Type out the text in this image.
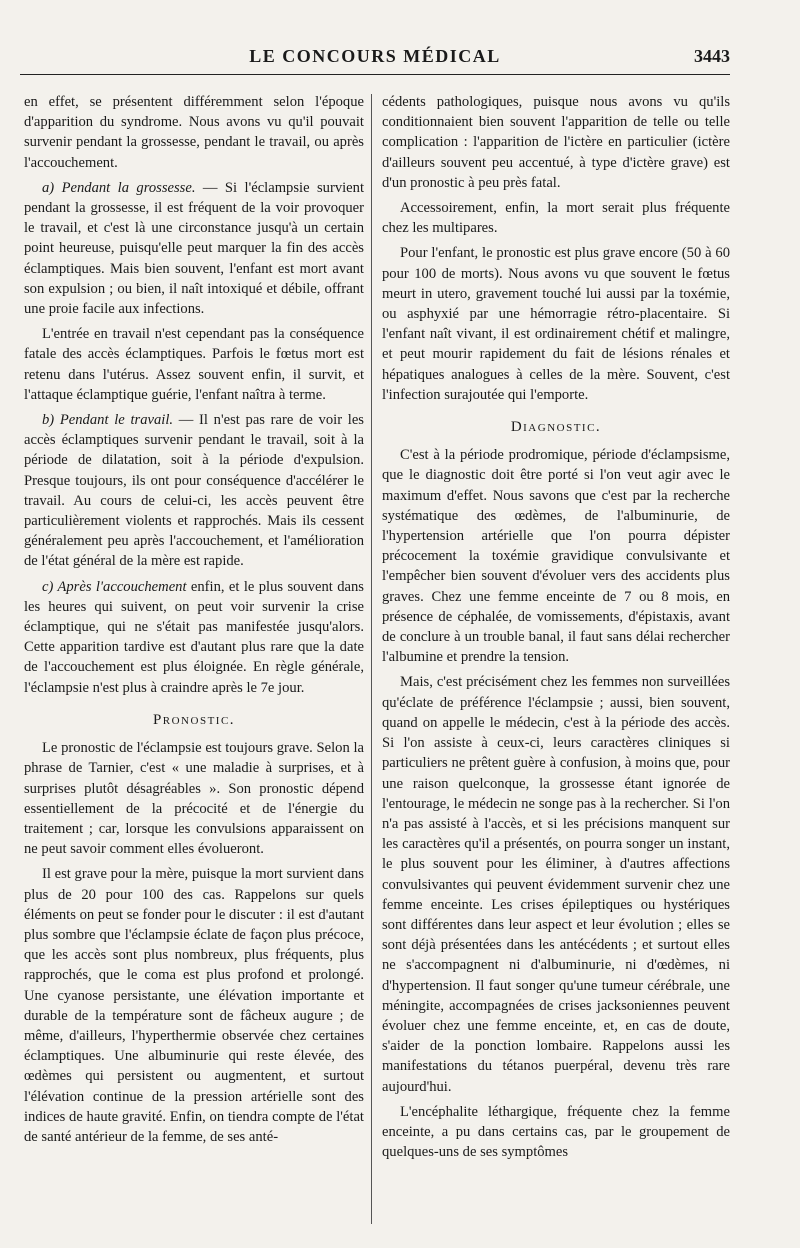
LE CONCOURS MÉDICAL	3443

en effet, se présentent différemment selon l'époque d'apparition du syndrome. Nous avons vu qu'il pouvait survenir pendant la grossesse, pendant le travail, ou après l'accouchement.

a) Pendant la grossesse. — Si l'éclampsie survient pendant la grossesse, il est fréquent de la voir provoquer le travail, et c'est là une circonstance jusqu'à un certain point heureuse, puisqu'elle peut marquer la fin des accès éclamptiques. Mais bien souvent, l'enfant est mort avant son expulsion ; ou bien, il naît intoxiqué et débile, offrant une proie facile aux infections.

L'entrée en travail n'est cependant pas la conséquence fatale des accès éclamptiques. Parfois le fœtus mort est retenu dans l'utérus. Assez souvent enfin, il survit, et l'attaque éclamptique guérie, l'enfant naîtra à terme.

b) Pendant le travail. — Il n'est pas rare de voir les accès éclamptiques survenir pendant le travail, soit à la période de dilatation, soit à la période d'expulsion. Presque toujours, ils ont pour conséquence d'accélérer le travail. Au cours de celui-ci, les accès peuvent être particulièrement violents et rapprochés. Mais ils cessent généralement peu après l'accouchement, et l'amélioration de l'état général de la mère est rapide.

c) Après l'accouchement enfin, et le plus souvent dans les heures qui suivent, on peut voir survenir la crise éclamptique, qui ne s'était pas manifestée jusqu'alors. Cette apparition tardive est d'autant plus rare que la date de l'accouchement est plus éloignée. En règle générale, l'éclampsie n'est plus à craindre après le 7e jour.

Pronostic.

Le pronostic de l'éclampsie est toujours grave. Selon la phrase de Tarnier, c'est « une maladie à surprises, et à surprises plutôt désagréables ». Son pronostic dépend essentiellement de la précocité et de l'énergie du traitement ; car, lorsque les convulsions apparaissent on ne peut savoir comment elles évolueront.

Il est grave pour la mère, puisque la mort survient dans plus de 20 pour 100 des cas. Rappelons sur quels éléments on peut se fonder pour le discuter : il est d'autant plus sombre que l'éclampsie éclate de façon plus précoce, que les accès sont plus nombreux, plus fréquents, plus rapprochés, que le coma est plus profond et prolongé. Une cyanose persistante, une élévation importante et durable de la température sont de fâcheux augure ; de même, d'ailleurs, l'hyperthermie observée chez certaines éclamptiques. Une albuminurie qui reste élevée, des œdèmes qui persistent ou augmentent, et surtout l'élévation continue de la pression artérielle sont des indices de haute gravité. Enfin, on tiendra compte de l'état de santé antérieur de la femme, de ses anté-

cédents pathologiques, puisque nous avons vu qu'ils conditionnaient bien souvent l'apparition de telle ou telle complication : l'apparition de l'ictère en particulier (ictère d'ailleurs souvent peu accentué, à type d'ictère grave) est d'un pronostic à peu près fatal.

Accessoirement, enfin, la mort serait plus fréquente chez les multipares.

Pour l'enfant, le pronostic est plus grave encore (50 à 60 pour 100 de morts). Nous avons vu que souvent le fœtus meurt in utero, gravement touché lui aussi par la toxémie, ou asphyxié par une hémorragie rétro-placentaire. Si l'enfant naît vivant, il est ordinairement chétif et malingre, et peut mourir rapidement du fait de lésions rénales et hépatiques analogues à celles de la mère. Souvent, c'est l'infection surajoutée qui l'emporte.

Diagnostic.

C'est à la période prodromique, période d'éclampsisme, que le diagnostic doit être porté si l'on veut agir avec le maximum d'effet. Nous savons que c'est par la recherche systématique des œdèmes, de l'albuminurie, de l'hypertension artérielle que l'on pourra dépister précocement la toxémie gravidique convulsivante et l'empêcher bien souvent d'évoluer vers des accidents plus graves. Chez une femme enceinte de 7 ou 8 mois, en présence de céphalée, de vomissements, d'épistaxis, avant de conclure à un trouble banal, il faut sans délai rechercher l'albumine et prendre la tension.

Mais, c'est précisément chez les femmes non surveillées qu'éclate de préférence l'éclampsie ; aussi, bien souvent, quand on appelle le médecin, c'est à la période des accès. Si l'on assiste à ceux-ci, leurs caractères cliniques si particuliers ne prêtent guère à confusion, à moins que, pour une raison quelconque, la grossesse étant ignorée de l'entourage, le médecin ne songe pas à la rechercher. Si l'on n'a pas assisté à l'accès, et si les précisions manquent sur les caractères qu'il a présentés, on pourra songer un instant, le plus souvent pour les éliminer, à d'autres affections convulsivantes qui peuvent évidemment survenir chez une femme enceinte. Les crises épileptiques ou hystériques sont différentes dans leur aspect et leur évolution ; elles se sont déjà présentées dans les antécédents ; et surtout elles ne s'accompagnent ni d'albuminurie, ni d'œdèmes, ni d'hypertension. Il faut songer qu'une tumeur cérébrale, une méningite, accompagnées de crises jacksoniennes peuvent évoluer chez une femme enceinte, et, en cas de doute, s'aider de la ponction lombaire. Rappelons aussi les manifestations du tétanos puerpéral, devenu très rare aujourd'hui.

L'encéphalite léthargique, fréquente chez la femme enceinte, a pu dans certains cas, par le groupement de quelques-uns de ses symptômes
